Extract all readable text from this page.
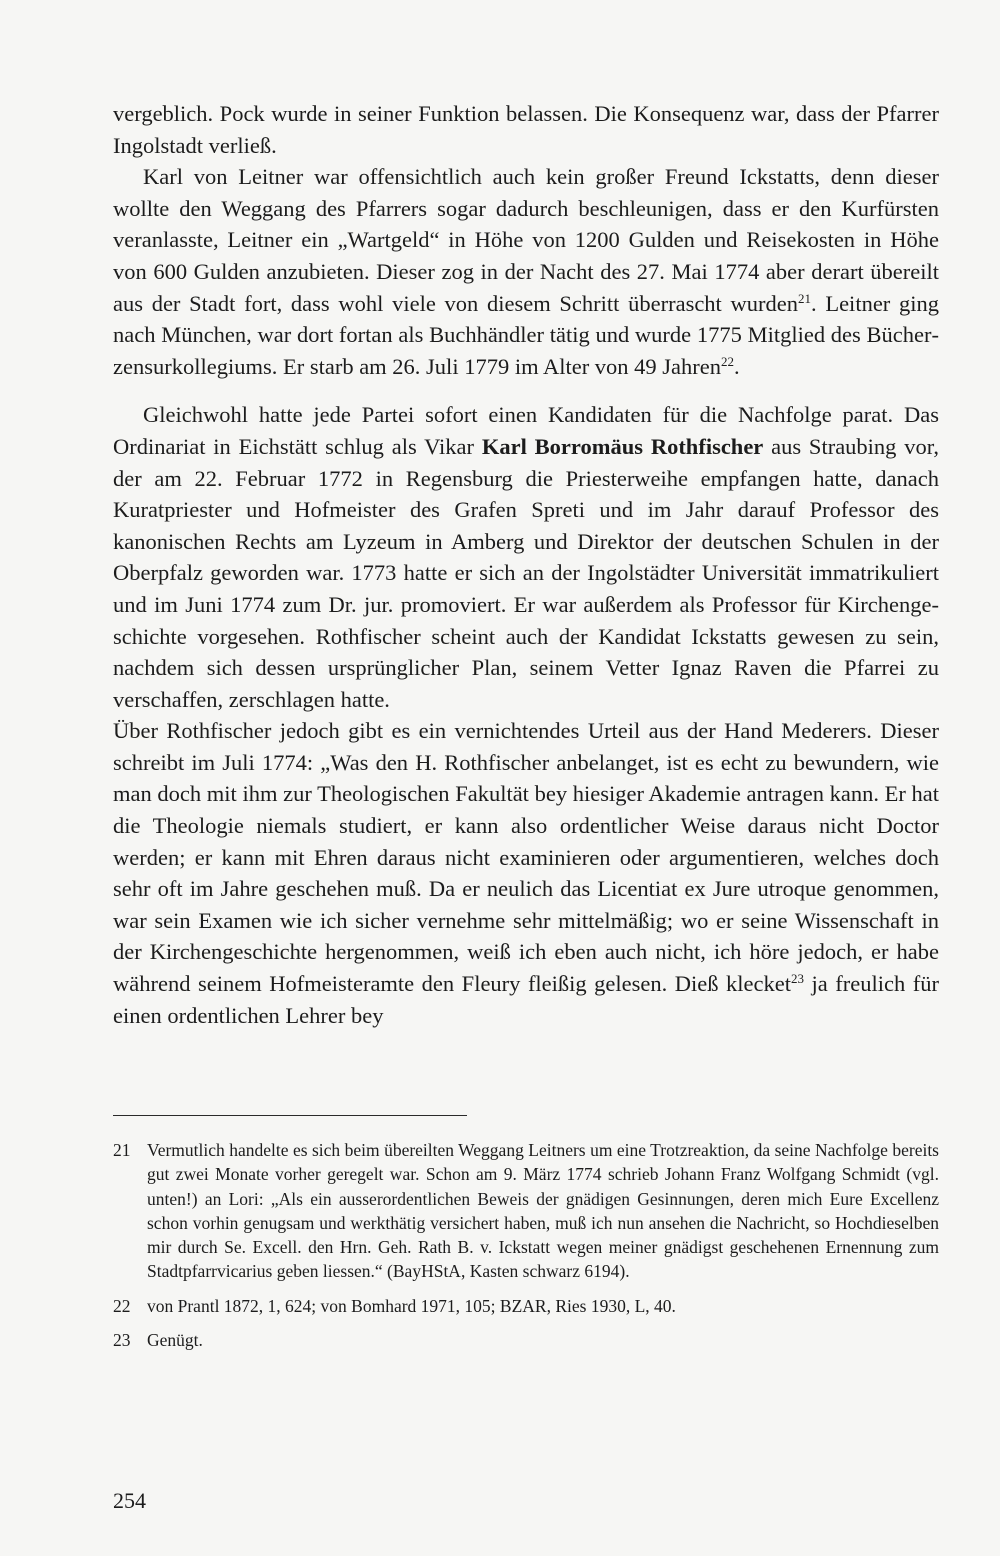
vergeblich. Pock wurde in seiner Funktion belassen. Die Konsequenz war, dass der Pfarrer Ingolstadt verließ.

Karl von Leitner war offensichtlich auch kein großer Freund Ickstatts, denn dieser wollte den Weggang des Pfarrers sogar dadurch beschleunigen, dass er den Kurfürsten veranlasste, Leitner ein „Wartgeld“ in Höhe von 1200 Gulden und Reisekosten in Höhe von 600 Gulden anzubieten. Dieser zog in der Nacht des 27. Mai 1774 aber derart übereilt aus der Stadt fort, dass wohl viele von diesem Schritt überrascht wurden$^{21}$. Leitner ging nach München, war dort fortan als Buchhändler tätig und wurde 1775 Mitglied des Bücherzensurkollegiums. Er starb am 26. Juli 1779 im Alter von 49 Jahren$^{22}$.

Gleichwohl hatte jede Partei sofort einen Kandidaten für die Nachfolge parat. Das Ordinariat in Eichstätt schlug als Vikar Karl Borromäus Rothfischer aus Straubing vor, der am 22. Februar 1772 in Regensburg die Priesterweihe empfangen hatte, danach Kuratpriester und Hofmeister des Grafen Spreti und im Jahr darauf Professor des kanonischen Rechts am Lyzeum in Amberg und Direktor der deutschen Schulen in der Oberpfalz geworden war. 1773 hatte er sich an der Ingolstädter Universität immatrikuliert und im Juni 1774 zum Dr. jur. promoviert. Er war außerdem als Professor für Kirchengeschichte vorgesehen. Rothfischer scheint auch der Kandidat Ickstatts gewesen zu sein, nachdem sich dessen ursprünglicher Plan, seinem Vetter Ignaz Raven die Pfarrei zu verschaffen, zerschlagen hatte.

Über Rothfischer jedoch gibt es ein vernichtendes Urteil aus der Hand Mederers. Dieser schreibt im Juli 1774: „Was den H. Rothfischer anbelanget, ist es echt zu bewundern, wie man doch mit ihm zur Theologischen Fakultät bey hiesiger Akademie antragen kann. Er hat die Theologie niemals studiert, er kann also ordentlicher Weise daraus nicht Doctor werden; er kann mit Ehren daraus nicht examinieren oder argumentieren, welches doch sehr oft im Jahre geschehen muß. Da er neulich das Licentiat ex Jure utroque genommen, war sein Examen wie ich sicher vernehme sehr mittelmäßig; wo er seine Wissenschaft in der Kirchengeschichte hergenommen, weiß ich eben auch nicht, ich höre jedoch, er habe während seinem Hofmeisteramte den Fleury fleißig gelesen. Dieß klecket$^{23}$ ja freulich für einen ordentlichen Lehrer bey

21 Vermutlich handelte es sich beim übereilten Weggang Leitners um eine Trotzreaktion, da seine Nachfolge bereits gut zwei Monate vorher geregelt war. Schon am 9. März 1774 schrieb Johann Franz Wolfgang Schmidt (vgl. unten!) an Lori: „Als ein ausserordentlichen Beweis der gnädigen Gesinnungen, deren mich Eure Excellenz schon vorhin genugsam und werkthätig versichert haben, muß ich nun ansehen die Nachricht, so Hochdieselben mir durch Se. Excell. den Hrn. Geh. Rath B. v. Ickstatt wegen meiner gnädigst geschehenen Ernennung zum Stadtpfarrvicarius geben liessen.“ (BayHStA, Kasten schwarz 6194).
22 von Prantl 1872, 1, 624; von Bomhard 1971, 105; BZAR, Ries 1930, L, 40.
23 Genügt.
254
